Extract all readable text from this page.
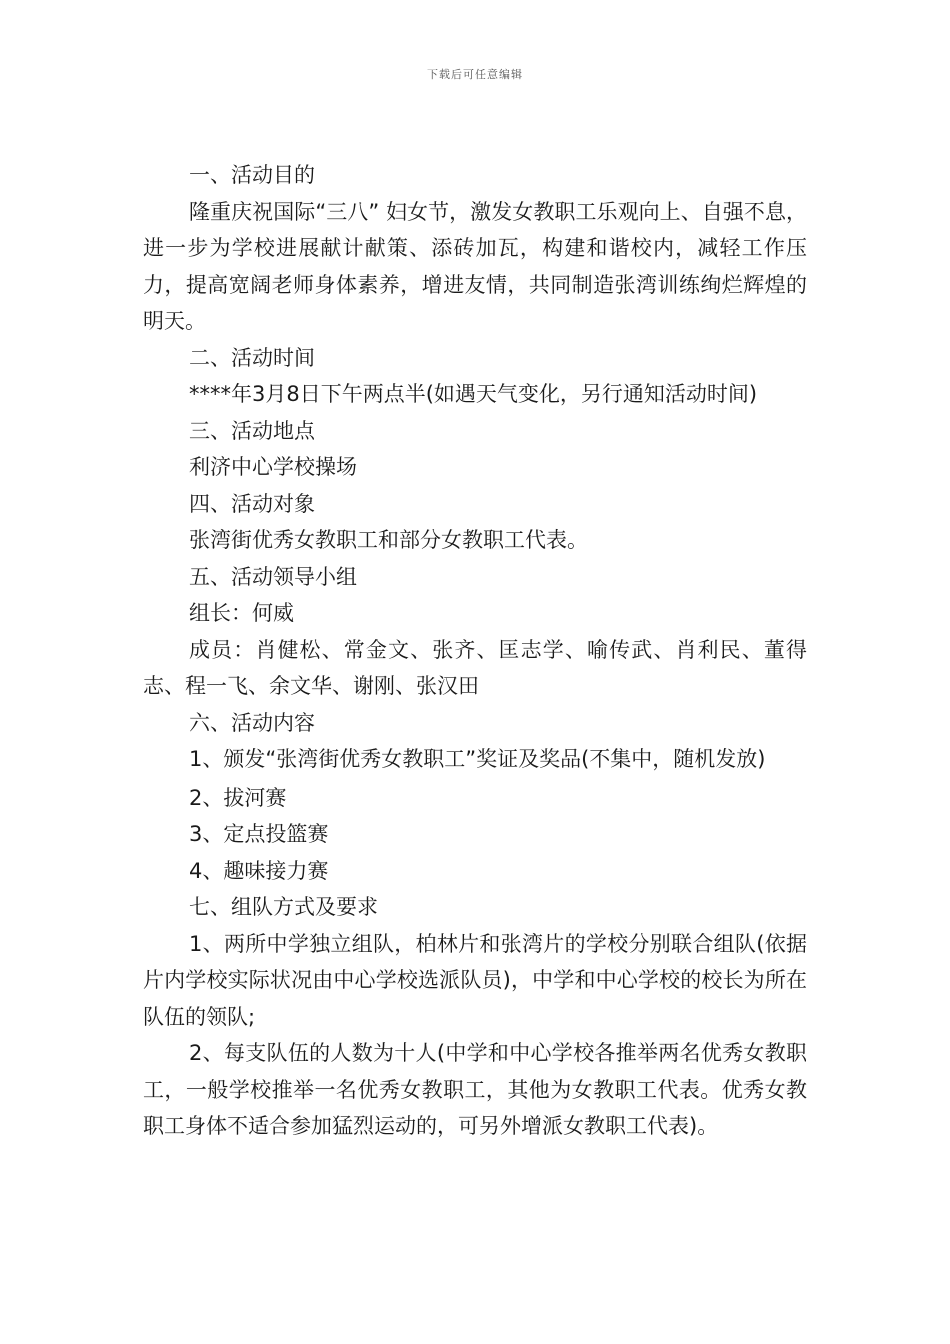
下载后可任意编辑

一、活动目的

隆重庆祝国际“三八” 妇女节，激发女教职工乐观向上、自强不息，进一步为学校进展献计献策、添砖加瓦，构建和谐校内，减轻工作压力，提高宽阔老师身体素养，增进友情，共同制造张湾训练绚烂辉煌的明天。

二、活动时间

****年3月8日下午两点半(如遇天气变化，另行通知活动时间)

三、活动地点

利济中心学校操场

四、活动对象

张湾街优秀女教职工和部分女教职工代表。

五、活动领导小组

组长：何威

成员：肖健松、常金文、张齐、匡志学、喻传武、肖利民、董得志、程一飞、余文华、谢刚、张汉田

六、活动内容

1、颁发“张湾街优秀女教职工”奖证及奖品(不集中，随机发放)

2、拔河赛

3、定点投篮赛

4、趣味接力赛

七、组队方式及要求

1、两所中学独立组队，柏林片和张湾片的学校分别联合组队(依据片内学校实际状况由中心学校选派队员)，中学和中心学校的校长为所在队伍的领队;

2、每支队伍的人数为十人(中学和中心学校各推举两名优秀女教职工，一般学校推举一名优秀女教职工，其他为女教职工代表。优秀女教职工身体不适合参加猛烈运动的，可另外增派女教职工代表)。
